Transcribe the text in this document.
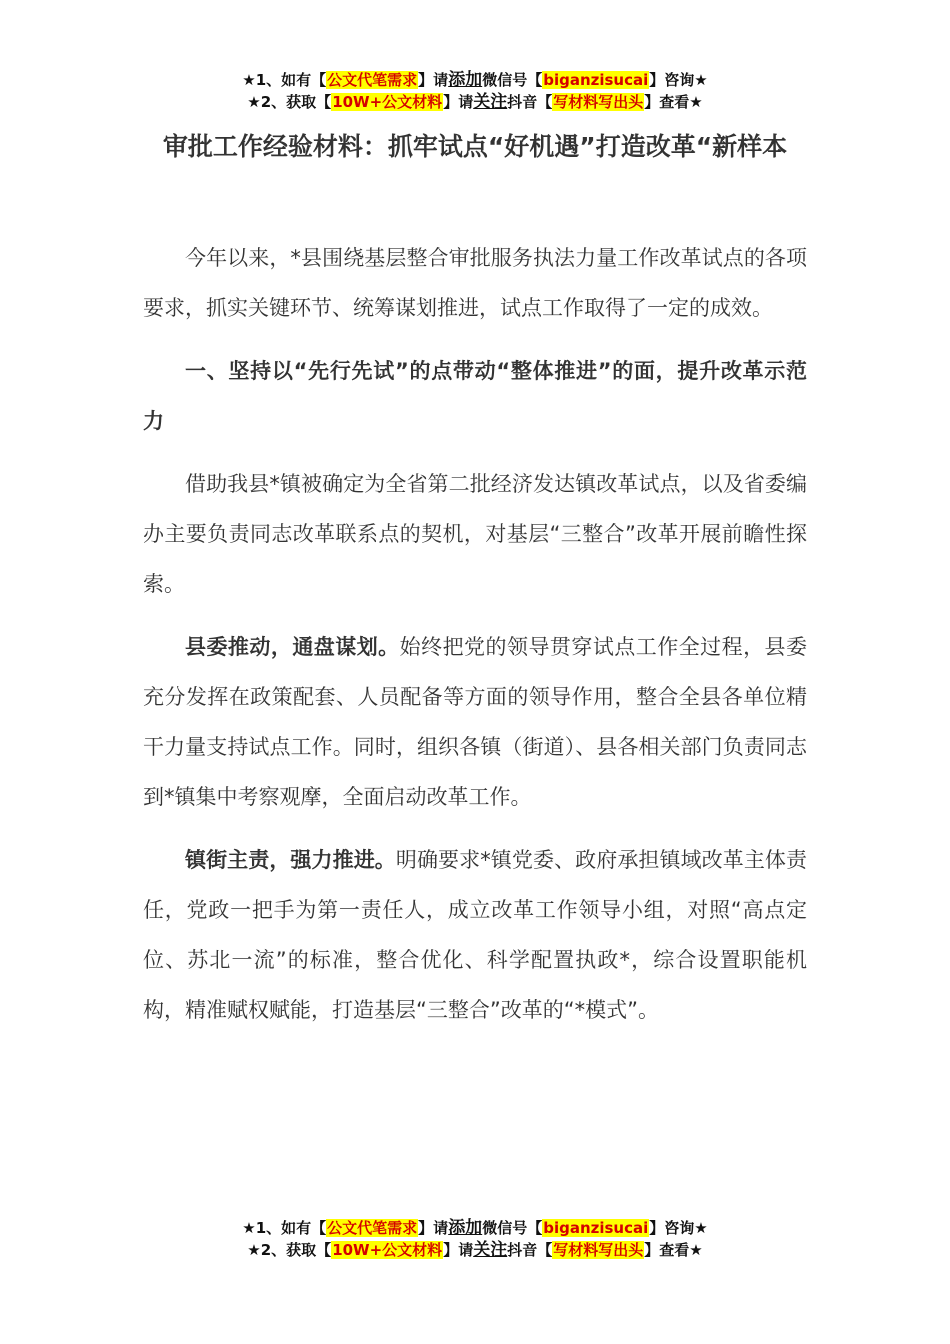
★1、如有【公文代笔需求】请添加微信号【biganzisucai】咨询★
★2、获取【10W+公文材料】请关注抖音【写材料写出头】查看★
审批工作经验材料：抓牢试点“好机遇”打造改革“新样本

今年以来，*县围绕基层整合审批服务执法力量工作改革试点的各项要求，抓实关键环节、统筹谋划推进，试点工作取得了一定的成效。

一、坚持以“先行先试”的点带动“整体推进”的面，提升改革示范力

借助我县*镇被确定为全省第二批经济发达镇改革试点，以及省委编办主要负责同志改革联系点的契机，对基层“三整合”改革开展前瞻性探索。

县委推动，通盘谋划。始终把党的领导贯穿试点工作全过程，县委充分发挥在政策配套、人员配备等方面的领导作用，整合全县各单位精干力量支持试点工作。同时，组织各镇（街道）、县各相关部门负责同志到*镇集中考察观摩，全面启动改革工作。

镇街主责，强力推进。明确要求*镇党委、政府承担镇域改革主体责任，党政一把手为第一责任人，成立改革工作领导小组，对照“高点定位、苏北一流”的标准，整合优化、科学配置执政*，综合设置职能机构，精准赋权赋能，打造基层“三整合”改革的“*模式”。

★1、如有【公文代笔需求】请添加微信号【biganzisucai】咨询★
★2、获取【10W+公文材料】请关注抖音【写材料写出头】查看★
